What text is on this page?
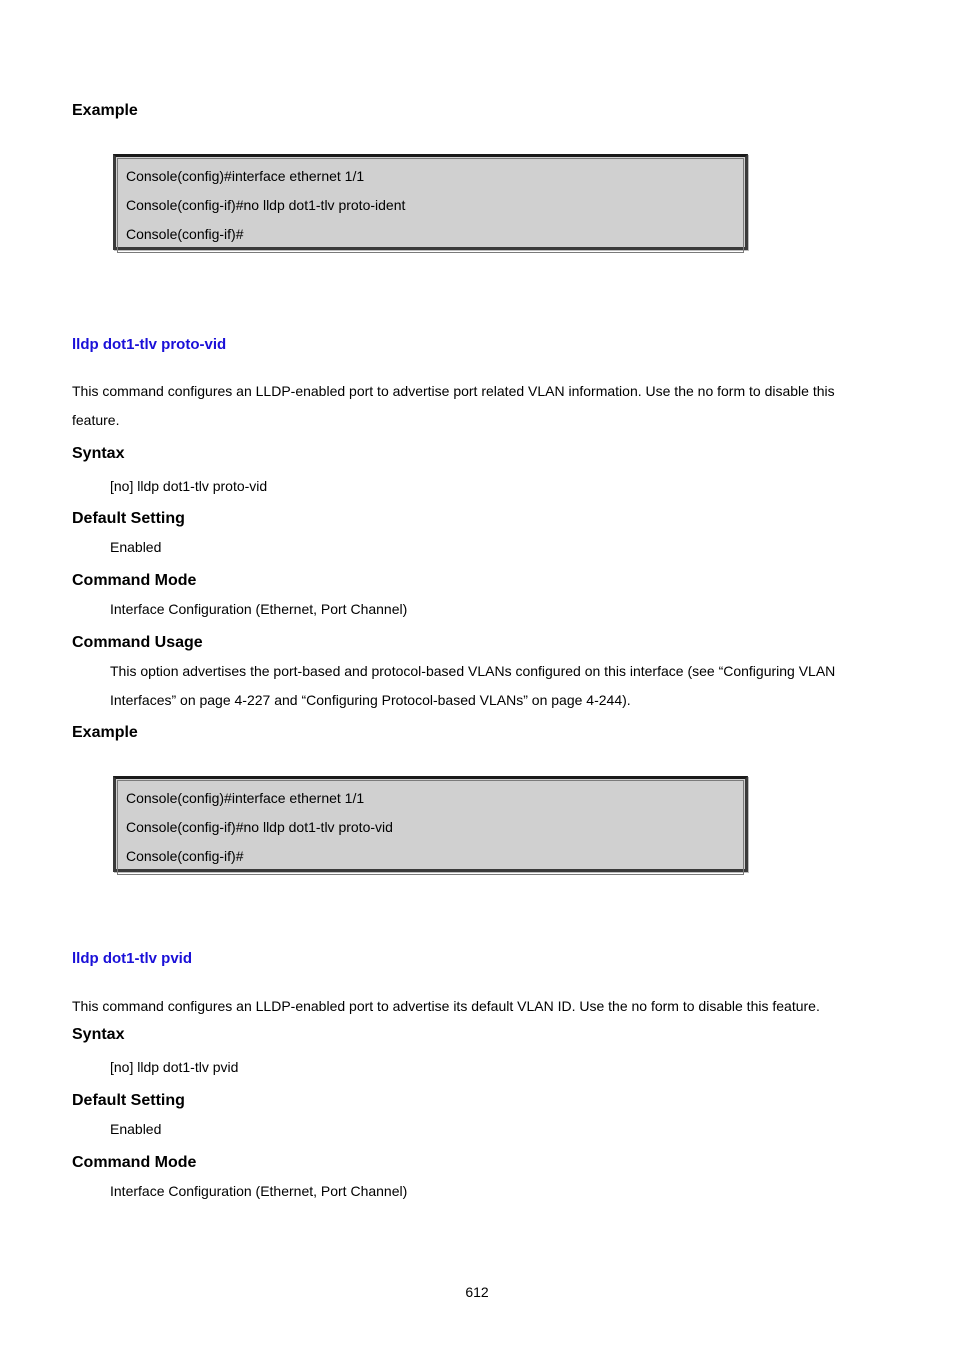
Example
Console(config)#interface ethernet 1/1
Console(config-if)#no lldp dot1-tlv proto-ident
Console(config-if)#
lldp dot1-tlv proto-vid
This command configures an LLDP-enabled port to advertise port related VLAN information. Use the no form to disable this feature.
Syntax
[no] lldp dot1-tlv proto-vid
Default Setting
Enabled
Command Mode
Interface Configuration (Ethernet, Port Channel)
Command Usage
This option advertises the port-based and protocol-based VLANs configured on this interface (see “Configuring VLAN Interfaces” on page 4-227 and “Configuring Protocol-based VLANs” on page 4-244).
Example
Console(config)#interface ethernet 1/1
Console(config-if)#no lldp dot1-tlv proto-vid
Console(config-if)#
lldp dot1-tlv pvid
This command configures an LLDP-enabled port to advertise its default VLAN ID. Use the no form to disable this feature.
Syntax
[no] lldp dot1-tlv pvid
Default Setting
Enabled
Command Mode
Interface Configuration (Ethernet, Port Channel)
612
